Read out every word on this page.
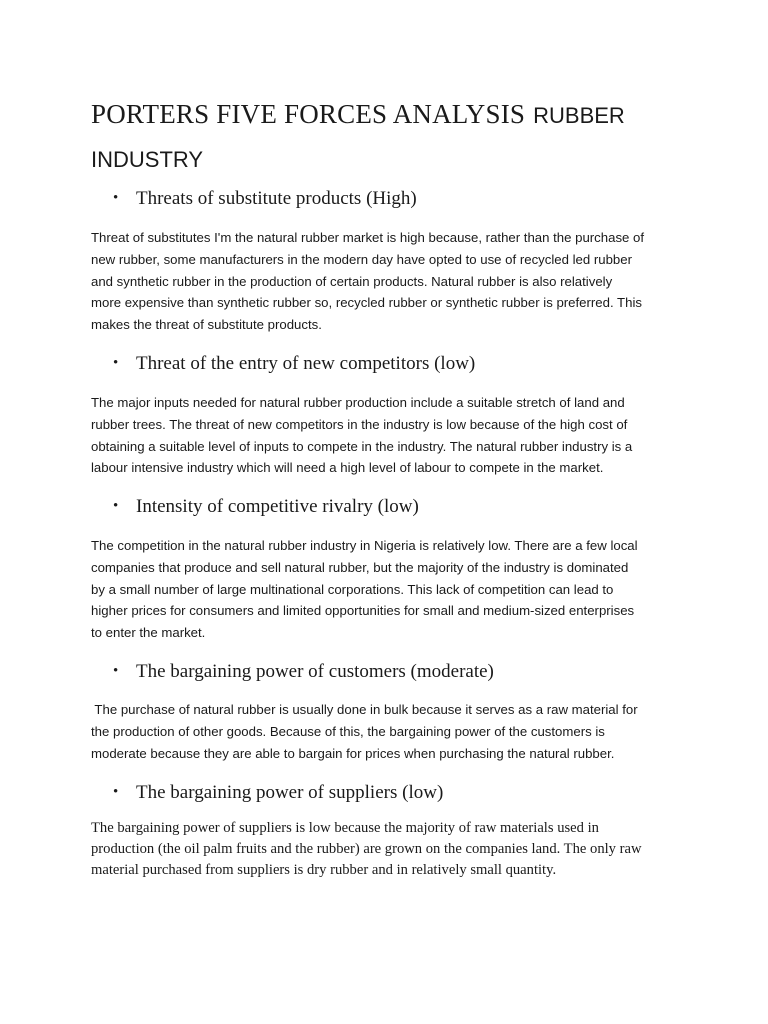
PORTERS FIVE FORCES ANALYSIS RUBBER INDUSTRY
• Threats of substitute products (High)

Threat of substitutes I'm the natural rubber market is high because, rather than the purchase of
new rubber, some manufacturers in the modern day have opted to use of recycled led rubber
and synthetic rubber in the production of certain products. Natural rubber is also relatively
more expensive than synthetic rubber so, recycled rubber or synthetic rubber is preferred. This
makes the threat of substitute products.

• Threat of the entry of new competitors (low)

The major inputs needed for natural rubber production include a suitable stretch of land and
rubber trees. The threat of new competitors in the industry is low because of the high cost of
obtaining a suitable level of inputs to compete in the industry. The natural rubber industry is a
labour intensive industry which will need a high level of labour to compete in the market.

• Intensity of competitive rivalry (low)

The competition in the natural rubber industry in Nigeria is relatively low. There are a few local
companies that produce and sell natural rubber, but the majority of the industry is dominated
by a small number of large multinational corporations. This lack of competition can lead to
higher prices for consumers and limited opportunities for small and medium-sized enterprises
to enter the market.

• The bargaining power of customers (moderate)

The purchase of natural rubber is usually done in bulk because it serves as a raw material for
the production of other goods. Because of this, the bargaining power of the customers is
moderate because they are able to bargain for prices when purchasing the natural rubber.

• The bargaining power of suppliers (low)

The bargaining power of suppliers is low because the majority of raw materials used in
production (the oil palm fruits and the rubber) are grown on the companies land. The only raw
material purchased from suppliers is dry rubber and in relatively small quantity.
